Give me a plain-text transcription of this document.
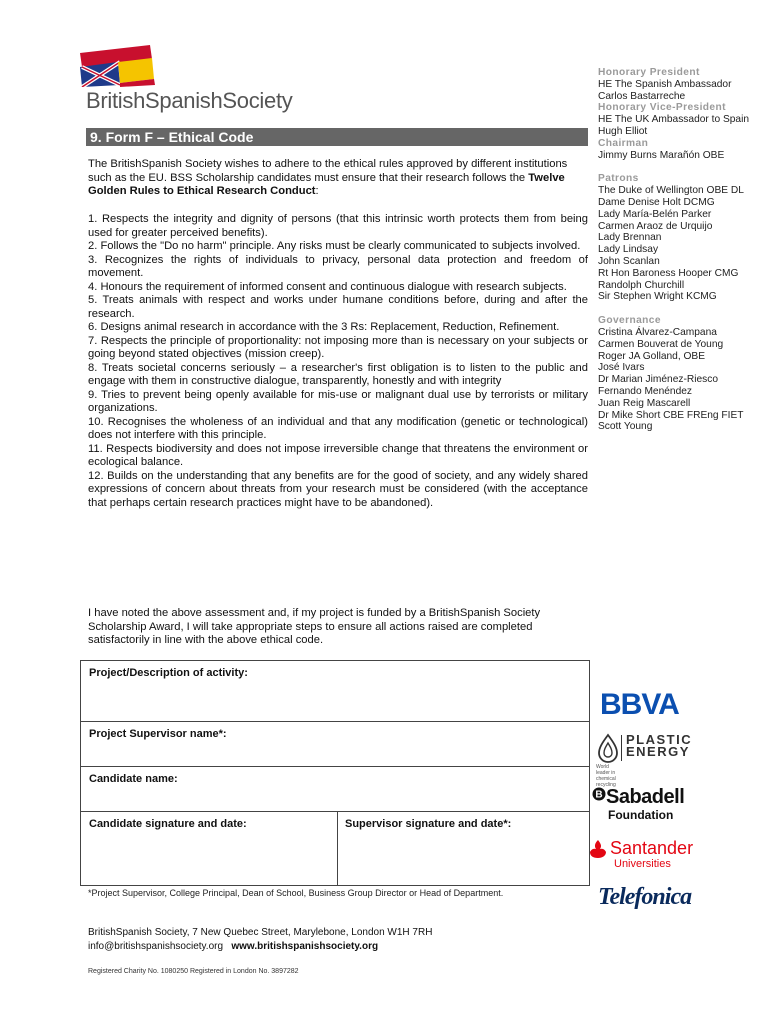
BritishSpanishSociety
9. Form F – Ethical Code
The BritishSpanish Society wishes to adhere to the ethical rules approved by different institutions such as the EU. BSS Scholarship candidates must ensure that their research follows the Twelve Golden Rules to Ethical Research Conduct:

1. Respects the integrity and dignity of persons (that this intrinsic worth protects them from being used for greater perceived benefits).

2. Follows the "Do no harm" principle. Any risks must be clearly communicated to subjects involved.

3. Recognizes the rights of individuals to privacy, personal data protection and freedom of movement.

4. Honours the requirement of informed consent and continuous dialogue with research subjects.

5. Treats animals with respect and works under humane conditions before, during and after the research.

6. Designs animal research in accordance with the 3 Rs: Replacement, Reduction, Refinement.

7. Respects the principle of proportionality: not imposing more than is necessary on your subjects or going beyond stated objectives (mission creep).

8. Treats societal concerns seriously – a researcher's first obligation is to listen to the public and engage with them in constructive dialogue, transparently, honestly and with integrity

9. Tries to prevent being openly available for mis-use or malignant dual use by terrorists or military organizations.

10. Recognises the wholeness of an individual and that any modification (genetic or technological) does not interfere with this principle.

11. Respects biodiversity and does not impose irreversible change that threatens the environment or ecological balance.

12. Builds on the understanding that any benefits are for the good of society, and any widely shared expressions of concern about threats from your research must be considered (with the acceptance that perhaps certain research practices might have to be abandoned).

I have noted the above assessment and, if my project is funded by a BritishSpanish Society Scholarship Award, I will take appropriate steps to ensure all actions raised are completed satisfactorily in line with the above ethical code.
Honorary President
HE The Spanish Ambassador
Carlos Bastarreche
Honorary Vice-President
HE The UK Ambassador to Spain
Hugh Elliot
Chairman
Jimmy Burns Marañón OBE
Patrons
The Duke of Wellington OBE DL
Dame Denise Holt DCMG
Lady María-Belén Parker
Carmen Araoz de Urquijo
Lady Brennan
Lady Lindsay
John Scanlan
Rt Hon Baroness Hooper CMG
Randolph Churchill
Sir Stephen Wright KCMG
Governance
Cristina Álvarez-Campana
Carmen Bouverat de Young
Roger JA Golland, OBE
José Ivars
Dr Marian Jiménez-Riesco
Fernando Menéndez
Juan Reig Mascarell
Dr Mike Short CBE FREng FIET
Scott Young
Project/Description of activity:
Project Supervisor name*:
Candidate name:
Candidate signature and date:	Supervisor signature and date*:
*Project Supervisor, College Principal, Dean of School, Business Group Director or Head of Department.
BritishSpanish Society, 7 New Quebec Street, Marylebone, London W1H 7RH
info@britishspanishsociety.org www.britishspanishsociety.org
Registered Charity No. 1080250 Registered in London No. 3897282
BBVA
PLASTIC
ENERGY
World leader in chemical recycling
B Sabadell
Foundation
Santander
Universities
Telefonica
